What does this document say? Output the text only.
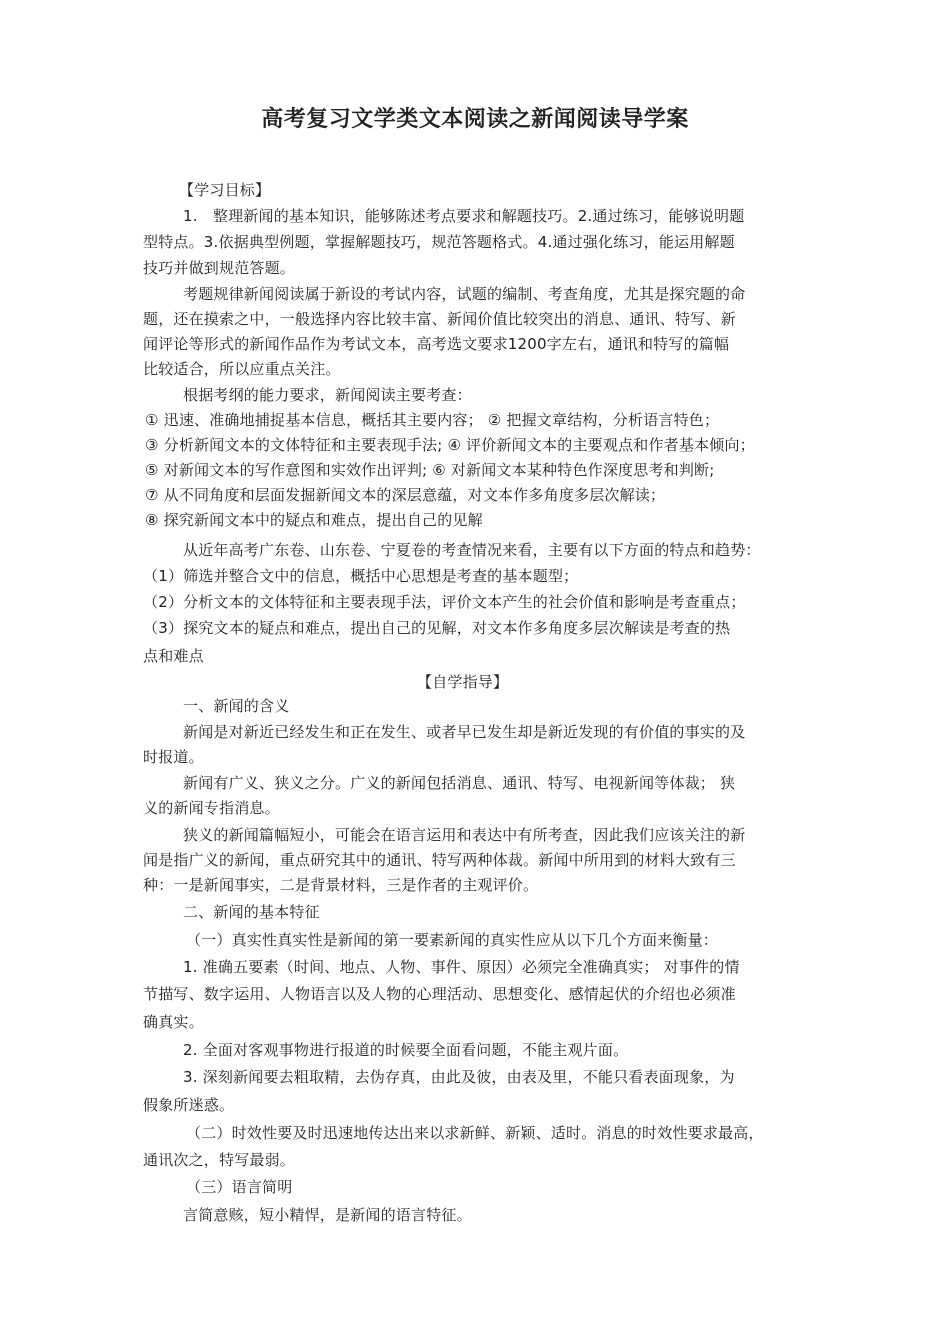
高考复习文学类文本阅读之新闻阅读导学案
【学习目标】
1.　整理新闻的基本知识，能够陈述考点要求和解题技巧。2.通过练习，能够说明题
型特点。3.依据典型例题，掌握解题技巧，规范答题格式。4.通过强化练习，能运用解题
技巧并做到规范答题。
考题规律新闻阅读属于新设的考试内容，试题的编制、考查角度，尤其是探究题的命
题，还在摸索之中，一般选择内容比较丰富、新闻价值比较突出的消息、通讯、特写、新
闻评论等形式的新闻作品作为考试文本，高考选文要求1200字左右，通讯和特写的篇幅
比较适合，所以应重点关注。
根据考纲的能力要求，新闻阅读主要考查：
① 迅速、准确地捕捉基本信息，概括其主要内容； ② 把握文章结构，分析语言特色；
③ 分析新闻文本的文体特征和主要表现手法; ④ 评价新闻文本的主要观点和作者基本倾向；
⑤ 对新闻文本的写作意图和实效作出评判; ⑥ 对新闻文本某种特色作深度思考和判断;
⑦ 从不同角度和层面发掘新闻文本的深层意蕴，对文本作多角度多层次解读；
⑧ 探究新闻文本中的疑点和难点，提出自己的见解
从近年高考广东卷、山东卷、宁夏卷的考查情况来看，主要有以下方面的特点和趋势：
（1）筛选并整合文中的信息，概括中心思想是考查的基本题型；
（2）分析文本的文体特征和主要表现手法，评价文本产生的社会价值和影响是考查重点；
（3）探究文本的疑点和难点，提出自己的见解，对文本作多角度多层次解读是考查的热
点和难点
【自学指导】
一、新闻的含义
新闻是对新近已经发生和正在发生、或者早已发生却是新近发现的有价值的事实的及
时报道。
新闻有广义、狭义之分。广义的新闻包括消息、通讯、特写、电视新闻等体裁； 狭
义的新闻专指消息。
狭义的新闻篇幅短小，可能会在语言运用和表达中有所考查，因此我们应该关注的新
闻是指广义的新闻，重点研究其中的通讯、特写两种体裁。新闻中所用到的材料大致有三
种：一是新闻事实，二是背景材料，三是作者的主观评价。
二、新闻的基本特征
（一）真实性真实性是新闻的第一要素新闻的真实性应从以下几个方面来衡量：
1. 准确五要素（时间、地点、人物、事件、原因）必须完全准确真实； 对事件的情
节描写、数字运用、人物语言以及人物的心理活动、思想变化、感情起伏的介绍也必须准
确真实。
2. 全面对客观事物进行报道的时候要全面看问题，不能主观片面。
3. 深刻新闻要去粗取精，去伪存真，由此及彼，由表及里，不能只看表面现象，为
假象所迷惑。
（二）时效性要及时迅速地传达出来以求新鲜、新颖、适时。消息的时效性要求最高，
通讯次之，特写最弱。
（三）语言简明
言简意赅，短小精悍，是新闻的语言特征。
